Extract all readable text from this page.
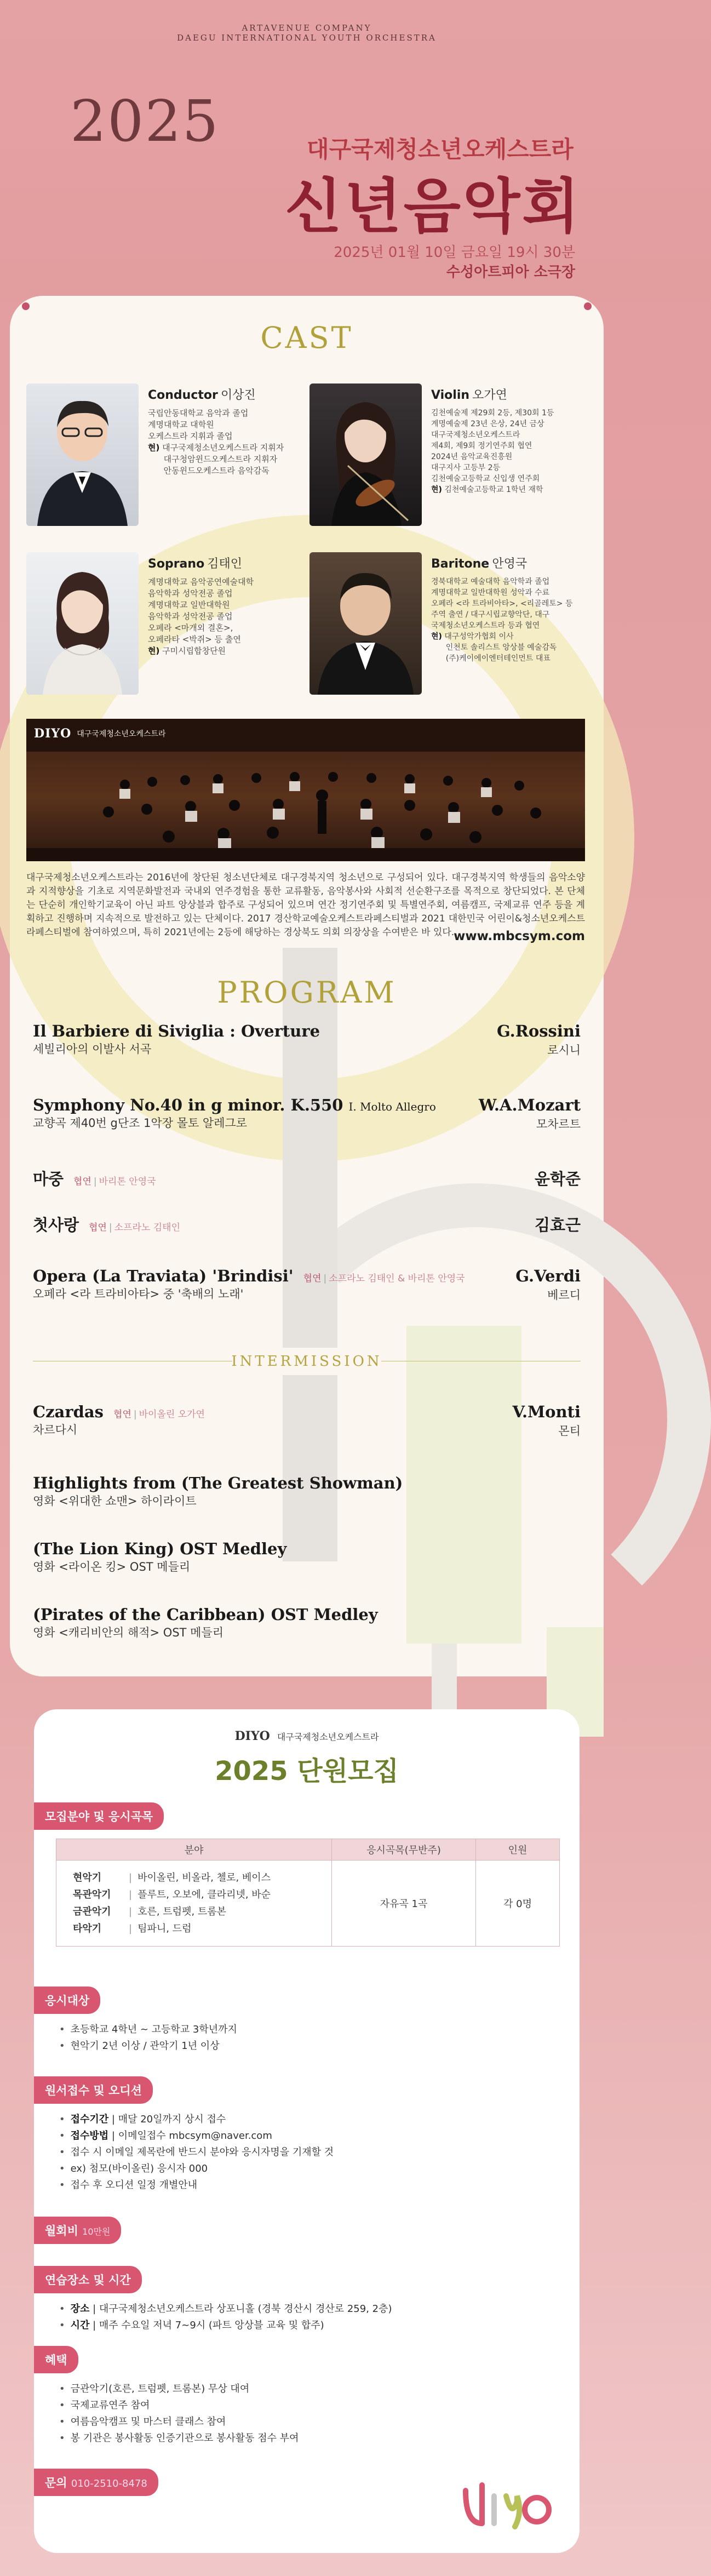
ARTAVENUE COMPANY
DAEGU INTERNATIONAL YOUTH ORCHESTRA
2025	대구국제청소년오케스트라
신년음악회
2025년 01월 10일 금요일 19시 30분
수성아트피아 소극장
CAST
Conductor 이상진
국립안동대학교 음악과 졸업
계명대학교 대학원
오케스트라 지휘과 졸업
현) 대구국제청소년오케스트라 지휘자
대구청암윈드오케스트라 지휘자
안동윈드오케스트라 음악감독
Violin 오가연
김천예술제 제29회 2등, 제30회 1등
계명예술제 23년 은상, 24년 금상
대구국제청소년오케스트라
제4회, 제9회 정기연주회 협연
2024년 음악교육진흥원
대구지사 고등부 2등
김천예술고등학교 신입생 연주회
현) 김천예술고등학교 1학년 재학
Soprano 김태인
계명대학교 음악공연예술대학
음악학과 성악전공 졸업
계명대학교 일반대학원
음악학과 성악전공 졸업
오페라 <마개외 결혼>,
오페라타 <박쥐> 등 출연
현) 구미시립합창단원
Baritone 안영국
경북대학교 예술대학 음악학과 졸업
계명대학교 일반대학원 성악과 수료
오페라 <라 트라비아타>, <리골레토> 등
주역 출연 / 대구시립교향악단, 대구
국제청소년오케스트라 등과 협연
현) 대구성악가협회 이사
인천토 솔리스트 앙상블 예술감독
(주)케이에이엔터테인먼트 대표
DIYO 대구국제청소년오케스트라
대구국제청소년오케스트라는 2016년에 창단된 청소년단체로 대구경북지역 청소년으로 구성되어 있다. 대구경북지역 학생들의 음악소양과 지적향상을 기초로 지역문화발전과 국내외 연주경험을 통한 교류활동, 음악봉사와 사회적 선순환구조를 목적으로 창단되었다. 본 단체는 단순히 개인학기교육이 아닌 파트 앙상블과 합주로 구성되어 있으며 연간 정기연주회 및 특별연주회, 여름캠프, 국제교류 연주 등을 계획하고 진행하며 지속적으로 발전하고 있는 단체이다. 2017 경산학교예술오케스트라페스티벌과 2021 대한민국 어린이&청소년오케스트라페스티벌에 참여하였으며, 특히 2021년에는 2등에 해당하는 경상북도 의회 의장상을 수여받은 바 있다.
www.mbcsym.com
PROGRAM
Il Barbiere di Siviglia : Overture
세빌리아의 이발사 서곡
G.Rossini
로시니
Symphony No.40 in g minor. K.550 I. Molto Allegro
교향곡 제40번 g단조 1악장 몰토 알레그로
W.A.Mozart
모차르트
마중 협연 | 바리톤 안영국	윤학준
첫사랑 협연 | 소프라노 김태인	김효근
Opera (La Traviata) 'Brindisi' 협연 | 소프라노 김태인 & 바리톤 안영국
오페라 <라 트라비아타> 중 '축배의 노래'
G.Verdi
베르디
Czardas 협연 | 바이올린 오가연
차르다시
V.Monti
몬티
Highlights from (The Greatest Showman)
영화 <위대한 쇼맨> 하이라이트
(The Lion King) OST Medley
영화 <라이온 킹> OST 메들리
(Pirates of the Caribbean) OST Medley
영화 <캐리비안의 해적> OST 메들리
INTERMISSION
DIYO 대구국제청소년오케스트라
2025 단원모집
모집분야 및 응시곡목
분야	응시곡목(무반주)	인원

현악기 | 바이올린, 비올라, 첼로, 베이스
목관악기 | 플루트, 오보에, 클라리넷, 바순
금관악기 | 호른, 트럼펫, 트롬본
타악기 | 팀파니, 드럼	자유곡 1곡	각 0명
응시대상
• 초등학교 4학년 ~ 고등학교 3학년까지
• 현악기 2년 이상 / 관악기 1년 이상
원서접수 및 오디션
• 접수기간 | 매달 20일까지 상시 접수
• 접수방법 | 이메일접수 mbcsym@naver.com
• 접수 시 이메일 제목란에 반드시 분야와 응시자명을 기재할 것
• ex) 첨모(바이올린) 응시자 000
• 접수 후 오디션 일정 개별안내
월회비 10만원
연습장소 및 시간
• 장소 | 대구국제청소년오케스트라 상포니홀 (경북 경산시 경산로 259, 2층)
• 시간 | 매주 수요일 저녁 7~9시 (파트 앙상블 교육 및 합주)
혜택
• 금관악기(호른, 트럼펫, 트롬본) 무상 대여
• 국제교류연주 참여
• 여름음악캠프 및 마스터 클래스 참여
• 봉 기관은 봉사활동 인증기관으로 봉사활동 점수 부여
문의 010-2510-8478
